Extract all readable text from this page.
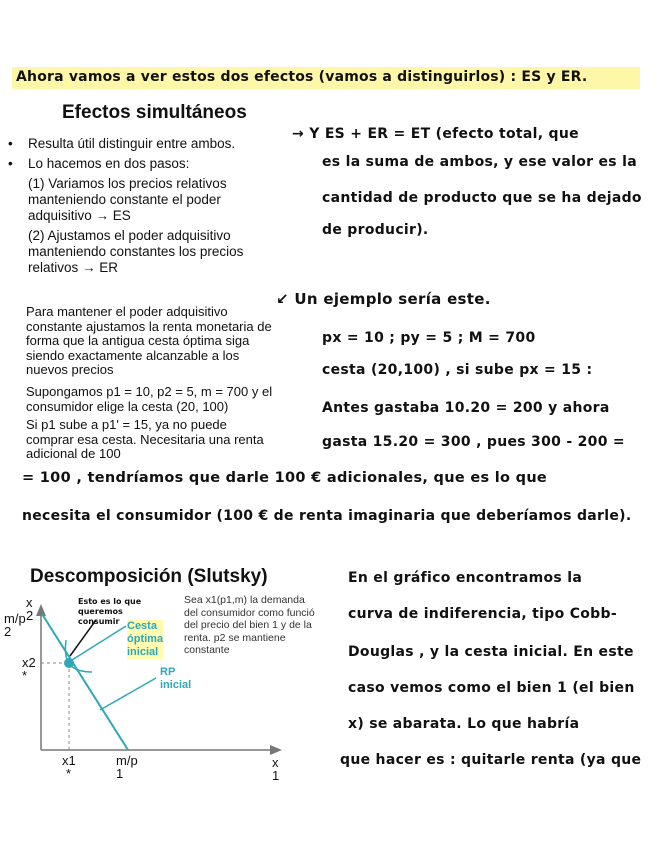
Ahora vamos a ver estos dos efectos (vamos a distinguirlos) : ES y ER.
Efectos simultáneos
• Resulta útil distinguir entre ambos.
• Lo hacemos en dos pasos:
(1) Variamos los precios relativos
manteniendo constante el poder
adquisitivo → ES
(2) Ajustamos el poder adquisitivo
manteniendo constantes los precios
relativos → ER
Para mantener el poder adquisitivo
constante ajustamos la renta monetaria de
forma que la antigua cesta óptima siga
siendo exactamente alcanzable a los
nuevos precios
Supongamos p1 = 10, p2 = 5, m = 700 y el
consumidor elige la cesta (20, 100)
Si p1 sube a p1' = 15, ya no puede
comprar esa cesta. Necesitaria una renta
adicional de 100
→ Y ES + ER = ET (efecto total, que
es la suma de ambos, y ese valor es la
cantidad de producto que se ha dejado
de producir).
↙ Un ejemplo sería este.
px = 10 ; py = 5 ; M = 700
cesta (20,100) , si sube px = 15 :
Antes gastaba 10.20 = 200 y ahora
gasta 15.20 = 300 , pues 300 - 200 =
= 100 , tendríamos que darle 100 € adicionales, que es lo que
necesita el consumidor (100 € de renta imaginaria que deberíamos darle).
Descomposición (Slutsky)
Sea x1(p1,m) la demanda
del consumidor como funció
del precio del bien 1 y de la
renta. p2 se mantiene
constante
x
2
m/p
2
x2
*
x1
*
m/p
1
x
1
Cesta
óptima
inicial
RP
inicial
Esto es lo que
queremos
consumir
En el gráfico encontramos la
curva de indiferencia, tipo Cobb-
Douglas , y la cesta inicial. En este
caso vemos como el bien 1 (el bien
x) se abarata. Lo que habría
que hacer es : quitarle renta (ya que
